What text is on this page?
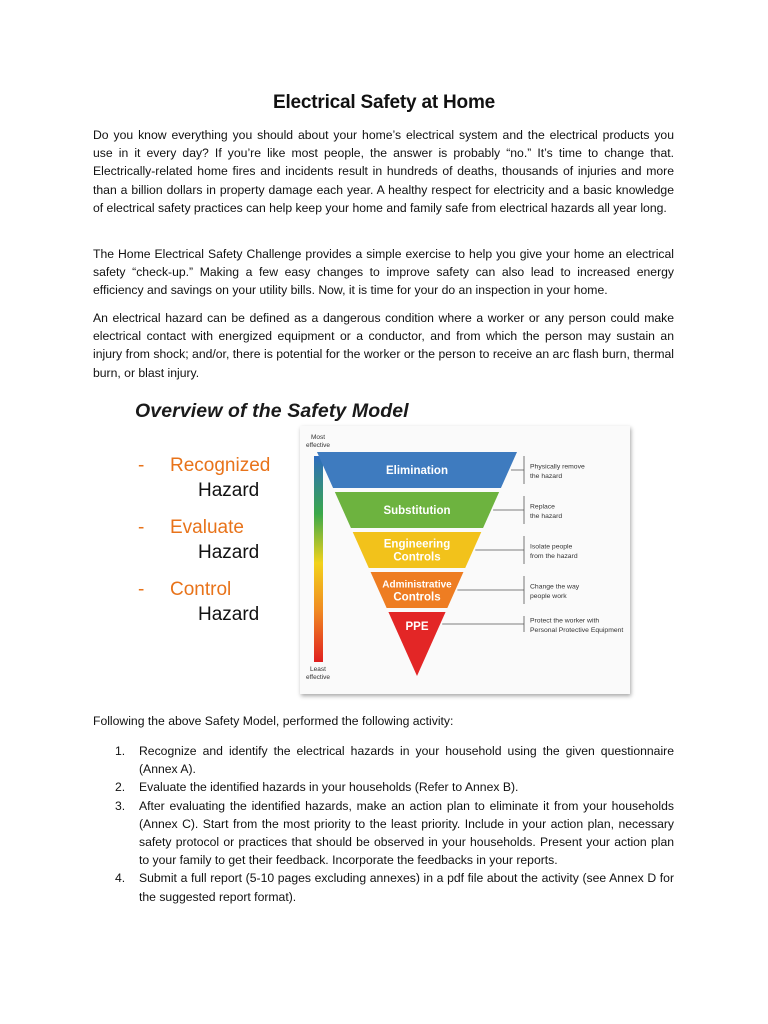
Electrical Safety at Home

Do you know everything you should about your home’s electrical system and the electrical products you use in it every day? If you’re like most people, the answer is probably “no.” It’s time to change that. Electrically-related home fires and incidents result in hundreds of deaths, thousands of injuries and more than a billion dollars in property damage each year. A healthy respect for electricity and a basic knowledge of electrical safety practices can help keep your home and family safe from electrical hazards all year long.

The Home Electrical Safety Challenge provides a simple exercise to help you give your home an electrical safety “check-up.” Making a few easy changes to improve safety can also lead to increased energy efficiency and savings on your utility bills. Now, it is time for your do an inspection in your home.

An electrical hazard can be defined as a dangerous condition where a worker or any person could make electrical contact with energized equipment or a conductor, and from which the person may sustain an injury from shock; and/or, there is potential for the worker or the person to receive an arc flash burn, thermal burn, or blast injury.

Overview of the Safety Model
- Recognized
Hazard
- Evaluate
Hazard
- Control
Hazard
Most
effective
Least
effective
Elimination	Physically remove
the hazard
Substitution	Replace
the hazard
Engineering
Controls
Isolate people
from the hazard
Administrative
Controls
Change the way
people work
PPE	Protect the worker with
Personal Protective Equipment
Following the above Safety Model, performed the following activity:
1. Recognize and identify the electrical hazards in your household using the given questionnaire (Annex A).
2. Evaluate the identified hazards in your households (Refer to Annex B).
3. After evaluating the identified hazards, make an action plan to eliminate it from your households (Annex C). Start from the most priority to the least priority. Include in your action plan, necessary safety protocol or practices that should be observed in your households. Present your action plan to your family to get their feedback. Incorporate the feedbacks in your reports.
4. Submit a full report (5-10 pages excluding annexes) in a pdf file about the activity (see Annex D for the suggested report format).
